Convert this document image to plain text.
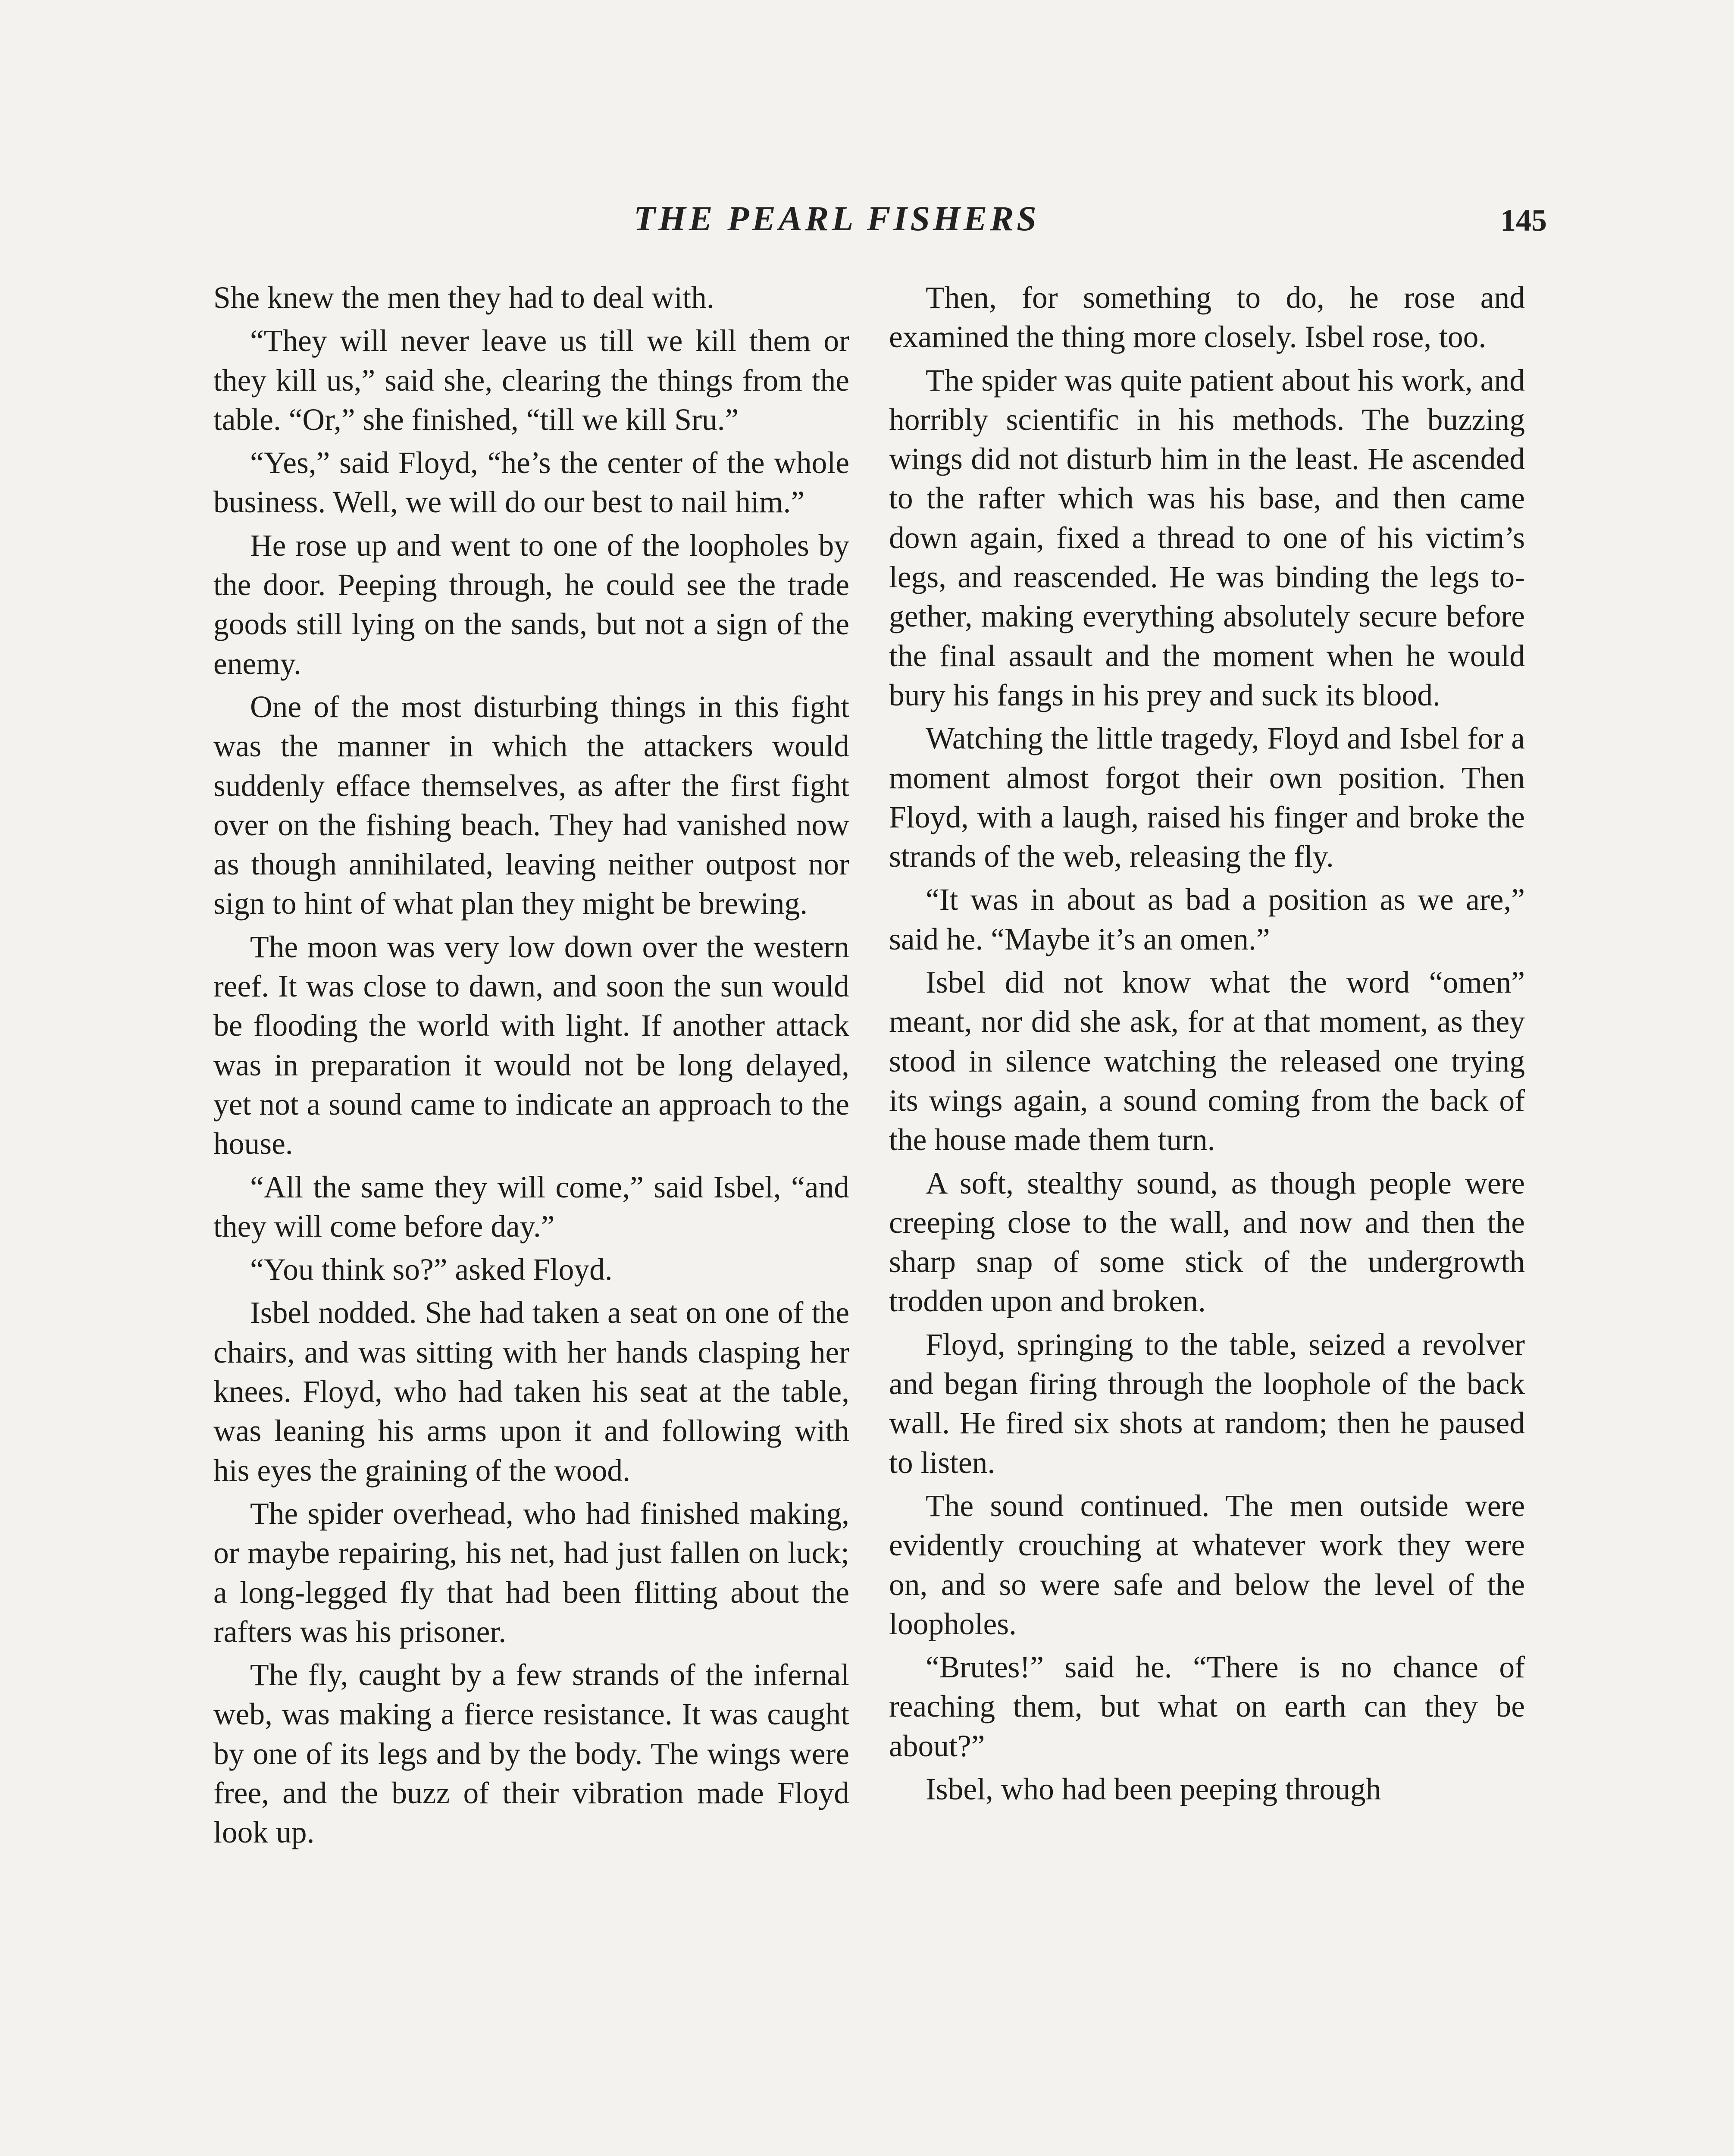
THE PEARL FISHERS	145

She knew the men they had to deal with.

“They will never leave us till we kill them or they kill us,” said she, clearing the things from the table. “Or,” she finished, “till we kill Sru.”

“Yes,” said Floyd, “he’s the center of the whole business. Well, we will do our best to nail him.”

He rose up and went to one of the loopholes by the door. Peeping through, he could see the trade goods still lying on the sands, but not a sign of the enemy.

One of the most disturbing things in this fight was the manner in which the attackers would suddenly efface themselves, as after the first fight over on the fishing beach. They had vanished now as though annihilated, leaving neither outpost nor sign to hint of what plan they might be brewing.

The moon was very low down over the western reef. It was close to dawn, and soon the sun would be flooding the world with light. If another attack was in preparation it would not be long delayed, yet not a sound came to indicate an approach to the house.

“All the same they will come,” said Isbel, “and they will come before day.”

“You think so?” asked Floyd.

Isbel nodded. She had taken a seat on one of the chairs, and was sitting with her hands clasping her knees. Floyd, who had taken his seat at the table, was leaning his arms upon it and following with his eyes the graining of the wood.

The spider overhead, who had finished making, or maybe repairing, his net, had just fallen on luck; a long-legged fly that had been flitting about the rafters was his prisoner.

The fly, caught by a few strands of the infernal web, was making a fierce resistance. It was caught by one of its legs and by the body. The wings were free, and the buzz of their vibration made Floyd look up.

Then, for something to do, he rose and examined the thing more closely. Isbel rose, too.

The spider was quite patient about his work, and horribly scientific in his methods. The buzzing wings did not disturb him in the least. He ascended to the rafter which was his base, and then came down again, fixed a thread to one of his victim’s legs, and reascended. He was binding the legs together, making everything absolutely secure before the final assault and the moment when he would bury his fangs in his prey and suck its blood.

Watching the little tragedy, Floyd and Isbel for a moment almost forgot their own position. Then Floyd, with a laugh, raised his finger and broke the strands of the web, releasing the fly.

“It was in about as bad a position as we are,” said he. “Maybe it’s an omen.”

Isbel did not know what the word “omen” meant, nor did she ask, for at that moment, as they stood in silence watching the released one trying its wings again, a sound coming from the back of the house made them turn.

A soft, stealthy sound, as though people were creeping close to the wall, and now and then the sharp snap of some stick of the undergrowth trodden upon and broken.

Floyd, springing to the table, seized a revolver and began firing through the loophole of the back wall. He fired six shots at random; then he paused to listen.

The sound continued. The men outside were evidently crouching at whatever work they were on, and so were safe and below the level of the loopholes.

“Brutes!” said he. “There is no chance of reaching them, but what on earth can they be about?”

Isbel, who had been peeping through
